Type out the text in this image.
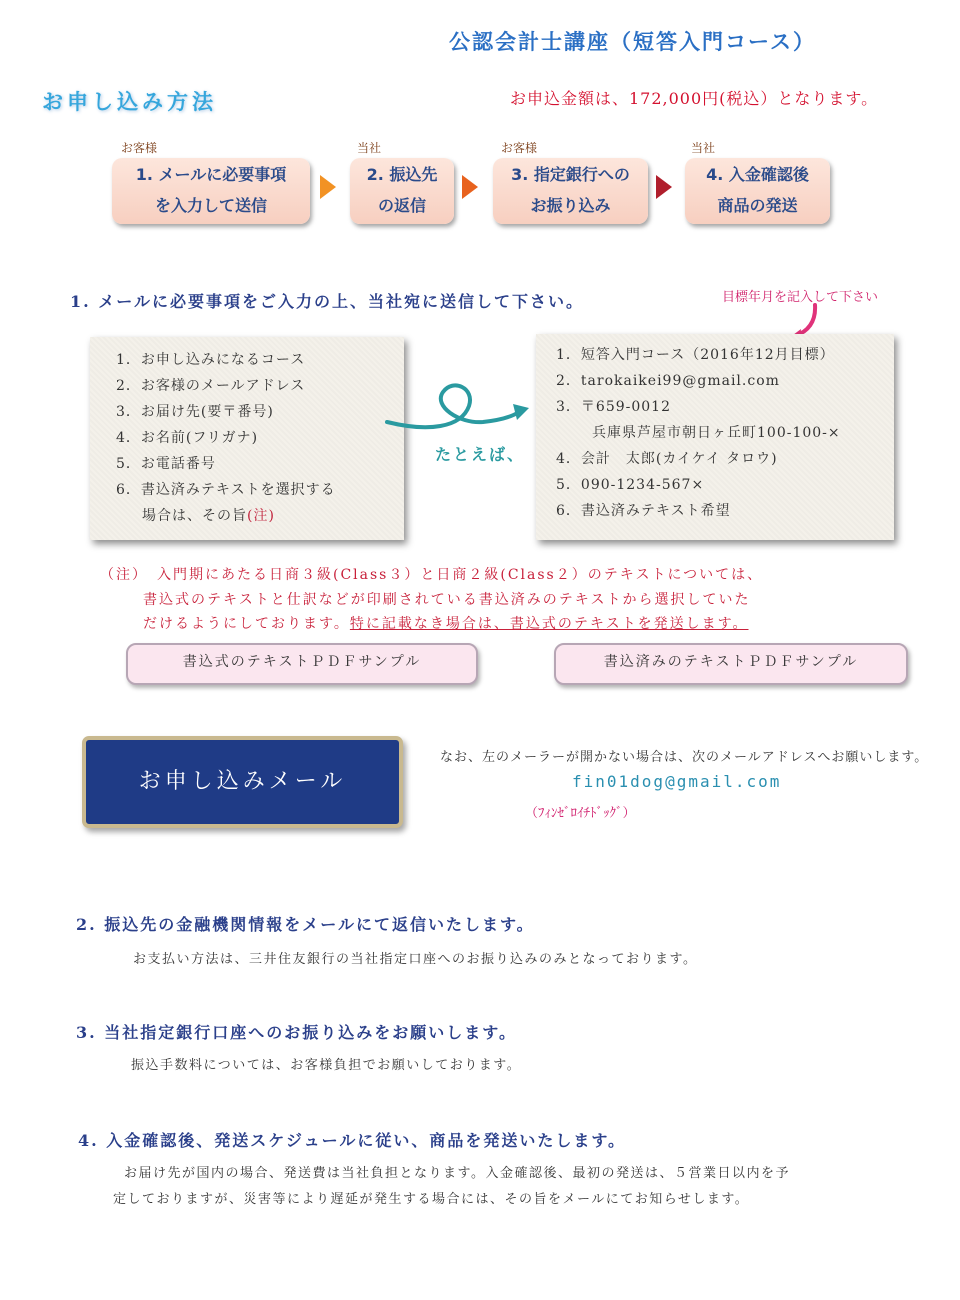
公認会計士講座（短答入門コース）
お申し込み方法	お申込金額は、172,000円(税込）となります。
お客様
1. メールに必要事項
を入力して送信
当社
2. 振込先
の返信
お客様
3. 指定銀行への
お振り込み
当社
4. 入金確認後
商品の発送
1. メールに必要事項をご入力の上、当社宛に送信して下さい。	目標年月を記入して下さい
1．お申し込みになるコース
2．お客様のメールアドレス
3．お届け先(要〒番号)
4．お名前(フリガナ)
5．お電話番号
6．書込済みテキストを選択する
場合は、その旨(注)
たとえば、
1．短答入門コース（2016年12月目標）
2．tarokaikei99@gmail.com
3．〒659-0012
兵庫県芦屋市朝日ヶ丘町100-100-×
4．会計　太郎(カイケイ タロウ)
5．090-1234-567×
6．書込済みテキスト希望
（注）　入門期にあたる日商３級(Class３）と日商２級(Class２）のテキストについては、
書込式のテキストと仕訳などが印刷されている書込済みのテキストから選択していた
だけるようにしております。特に記載なき場合は、書込式のテキストを発送します。
書込式のテキストＰＤＦサンプル	書込済みのテキストＰＤＦサンプル
お申し込みメール
なお、左のメーラーが開かない場合は、次のメールアドレスへお願いします。
fin01dog@gmail.com
（ﾌｨﾝｾﾞﾛｲﾁﾄﾞｯｸﾞ）
2. 振込先の金融機関情報をメールにて返信いたします。
お支払い方法は、三井住友銀行の当社指定口座へのお振り込みのみとなっております。
3. 当社指定銀行口座へのお振り込みをお願いします。
振込手数料については、お客様負担でお願いしております。
4. 入金確認後、発送スケジュールに従い、商品を発送いたします。
お届け先が国内の場合、発送費は当社負担となります。入金確認後、最初の発送は、５営業日以内を予
定しておりますが、災害等により遅延が発生する場合には、その旨をメールにてお知らせします。
